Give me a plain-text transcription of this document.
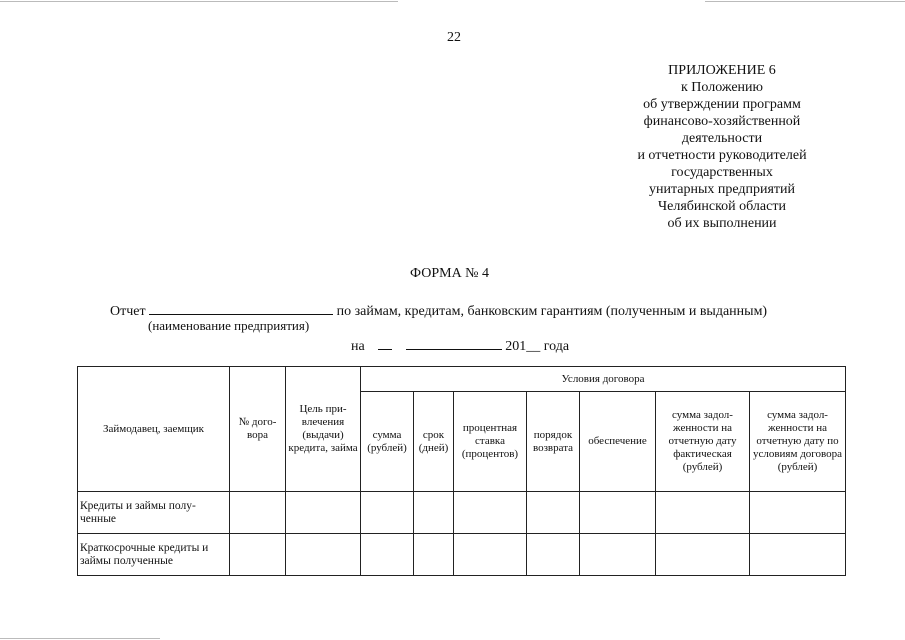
22
ПРИЛОЖЕНИЕ 6
к Положению
об утверждении программ
финансово-хозяйственной
деятельности
и отчетности руководителей
государственных
унитарных предприятий
Челябинской области
об их выполнении
ФОРМА № 4
Отчет	по займам, кредитам, банковским гарантиям (полученным и выданным)
(наименование предприятия)
на	201__ года
Займодавец, заемщик	№ дого-вора	Цель при-влечения (выдачи) кредита, займа	Условия договора						
			сумма (рублей)	срок (дней)	процентная ставка (процентов)	порядок возврата	обеспечение	сумма задол-женности на отчетную дату фактическая (рублей)	сумма задол-женности на отчетную дату по условиям договора (рублей)
Кредиты и займы полу-ченные									
Краткосрочные кредиты и займы полученные									
